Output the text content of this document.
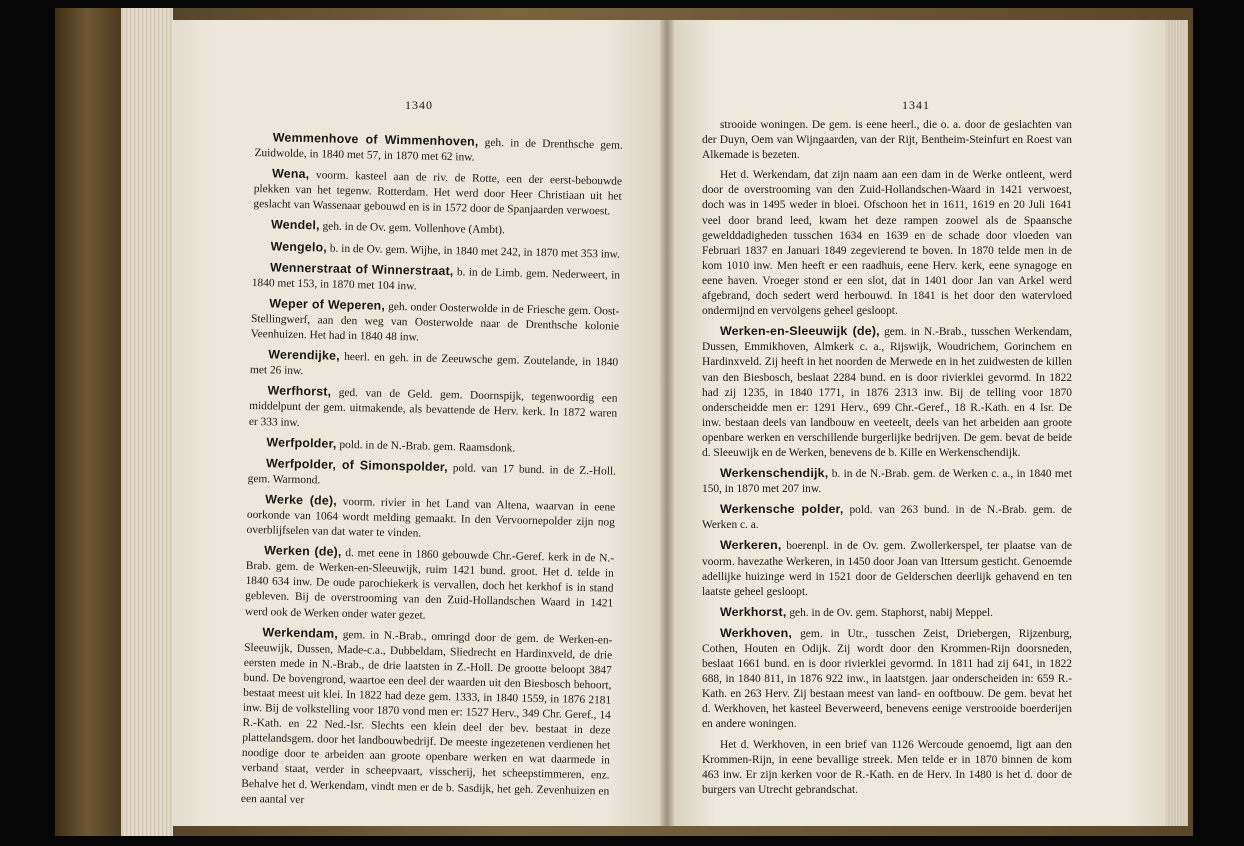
1340

Wemmenhove of Wimmenhoven, geh. in de Drenthsche gem. Zuidwolde, in 1840 met 57, in 1870 met 62 inw.

Wena, voorm. kasteel aan de riv. de Rotte, een der eerst-bebouwde plekken van het tegenw. Rotterdam. Het werd door Heer Christiaan uit het geslacht van Wassenaar gebouwd en is in 1572 door de Spanjaarden verwoest.

Wendel, geh. in de Ov. gem. Vollenhove (Ambt).

Wengelo, b. in de Ov. gem. Wijhe, in 1840 met 242, in 1870 met 353 inw.

Wennerstraat of Winnerstraat, b. in de Limb. gem. Nederweert, in 1840 met 153, in 1870 met 104 inw.

Weper of Weperen, geh. onder Oosterwolde in de Friesche gem. Oost-Stellingwerf, aan den weg van Oosterwolde naar de Drenthsche kolonie Veenhuizen. Het had in 1840 48 inw.

Werendijke, heerl. en geh. in de Zeeuwsche gem. Zoutelande, in 1840 met 26 inw.

Werfhorst, ged. van de Geld. gem. Doornspijk, tegenwoordig een middelpunt der gem. uitmakende, als bevattende de Herv. kerk. In 1872 waren er 333 inw.

Werfpolder, pold. in de N.-Brab. gem. Raamsdonk.

Werfpolder, of Simonspolder, pold. van 17 bund. in de Z.-Holl. gem. Warmond.

Werke (de), voorm. rivier in het Land van Altena, waarvan in eene oorkonde van 1064 wordt melding gemaakt. In den Vervoornepolder zijn nog overblijfselen van dat water te vinden.

Werken (de), d. met eene in 1860 gebouwde Chr.-Geref. kerk in de N.-Brab. gem. de Werken-en-Sleeuwijk, ruim 1421 bund. groot. Het d. telde in 1840 634 inw. De oude parochiekerk is vervallen, doch het kerkhof is in stand gebleven. Bij de overstrooming van den Zuid-Hollandschen Waard in 1421 werd ook de Werken onder water gezet.

Werkendam, gem. in N.-Brab., omringd door de gem. de Werken-en-Sleeuwijk, Dussen, Made-c.a., Dubbeldam, Sliedrecht en Hardinxveld, de drie eersten mede in N.-Brab., de drie laatsten in Z.-Holl. De grootte beloopt 3847 bund. De bovengrond, waartoe een deel der waarden uit den Biesbosch behoort, bestaat meest uit klei. In 1822 had deze gem. 1333, in 1840 1559, in 1876 2181 inw. Bij de volkstelling voor 1870 vond men er: 1527 Herv., 349 Chr. Geref., 14 R.-Kath. en 22 Ned.-Isr. Slechts een klein deel der bev. bestaat in deze plattelandsgem. door het landbouwbedrijf. De meeste ingezetenen verdienen het noodige door te arbeiden aan groote openbare werken en wat daarmede in verband staat, verder in scheepvaart, visscherij, het scheepstimmeren, enz. Behalve het d. Werkendam, vindt men er de b. Sasdijk, het geh. Zevenhuizen en een aantal ver

1341

strooide woningen. De gem. is eene heerl., die o. a. door de geslachten van der Duyn, Oem van Wijngaarden, van der Rijt, Bentheim-Steinfurt en Roest van Alkemade is bezeten.

Het d. Werkendam, dat zijn naam aan een dam in de Werke ontleent, werd door de overstrooming van den Zuid-Hollandschen-Waard in 1421 verwoest, doch was in 1495 weder in bloei. Ofschoon het in 1611, 1619 en 20 Juli 1641 veel door brand leed, kwam het deze rampen zoowel als de Spaansche gewelddadigheden tusschen 1634 en 1639 en de schade door vloeden van Februari 1837 en Januari 1849 zegevierend te boven. In 1870 telde men in de kom 1010 inw. Men heeft er een raadhuis, eene Herv. kerk, eene synagoge en eene haven. Vroeger stond er een slot, dat in 1401 door Jan van Arkel werd afgebrand, doch sedert werd herbouwd. In 1841 is het door den watervloed ondermijnd en vervolgens geheel gesloopt.

Werken-en-Sleeuwijk (de), gem. in N.-Brab., tusschen Werkendam, Dussen, Emmikhoven, Almkerk c. a., Rijswijk, Woudrichem, Gorinchem en Hardinxveld. Zij heeft in het noorden de Merwede en in het zuidwesten de killen van den Biesbosch, beslaat 2284 bund. en is door rivierklei gevormd. In 1822 had zij 1235, in 1840 1771, in 1876 2313 inw. Bij de telling voor 1870 onderscheidde men er: 1291 Herv., 699 Chr.-Geref., 18 R.-Kath. en 4 Isr. De inw. bestaan deels van landbouw en veeteelt, deels van het arbeiden aan groote openbare werken en verschillende burgerlijke bedrijven. De gem. bevat de beide d. Sleeuwijk en de Werken, benevens de b. Kille en Werkenschendijk.

Werkenschendijk, b. in de N.-Brab. gem. de Werken c. a., in 1840 met 150, in 1870 met 207 inw.

Werkensche polder, pold. van 263 bund. in de N.-Brab. gem. de Werken c. a.

Werkeren, boerenpl. in de Ov. gem. Zwollerkerspel, ter plaatse van de voorm. havezathe Werkeren, in 1450 door Joan van Ittersum gesticht. Genoemde adellijke huizinge werd in 1521 door de Gelderschen deerlijk gehavend en ten laatste geheel gesloopt.

Werkhorst, geh. in de Ov. gem. Staphorst, nabij Meppel.

Werkhoven, gem. in Utr., tusschen Zeist, Driebergen, Rijzenburg, Cothen, Houten en Odijk. Zij wordt door den Krommen-Rijn doorsneden, beslaat 1661 bund. en is door rivierklei gevormd. In 1811 had zij 641, in 1822 688, in 1840 811, in 1876 922 inw., in laatstgen. jaar onderscheiden in: 659 R.-Kath. en 263 Herv. Zij bestaan meest van land- en ooftbouw. De gem. bevat het d. Werkhoven, het kasteel Beverweerd, benevens eenige verstrooide boerderijen en andere woningen.

Het d. Werkhoven, in een brief van 1126 Wercoude genoemd, ligt aan den Krommen-Rijn, in eene bevallige streek. Men telde er in 1870 binnen de kom 463 inw. Er zijn kerken voor de R.-Kath. en de Herv. In 1480 is het d. door de burgers van Utrecht gebrandschat.
